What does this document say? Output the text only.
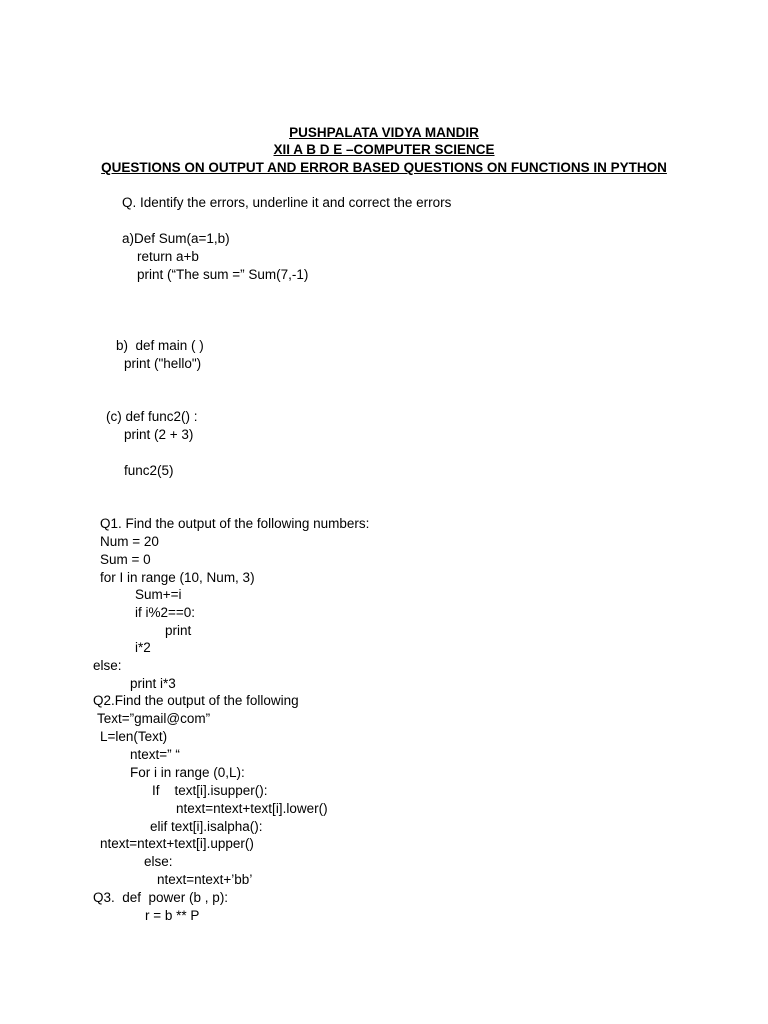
PUSHPALATA VIDYA MANDIR
XII A B D E –COMPUTER SCIENCE
QUESTIONS ON OUTPUT AND ERROR BASED QUESTIONS ON FUNCTIONS IN PYTHON
Q. Identify the errors, underline it and correct the errors
a)Def Sum(a=1,b)
return a+b
print (“The sum =” Sum(7,-1)
b)  def main ( )
print ("hello")
(c) def func2() :
print (2 + 3)
func2(5)
Q1. Find the output of the following numbers:
Num = 20
Sum = 0
for I in range (10, Num, 3)
Sum+=i
if i%2==0:
print
i*2
else:
print i*3
Q2.Find the output of the following
Text=”gmail@com”
L=len(Text)
ntext=” “
For i in range (0,L):
If    text[i].isupper():
ntext=ntext+text[i].lower()
elif text[i].isalpha():
ntext=ntext+text[i].upper()
else:
ntext=ntext+’bb’
Q3.  def  power (b , p):
r = b ** P
